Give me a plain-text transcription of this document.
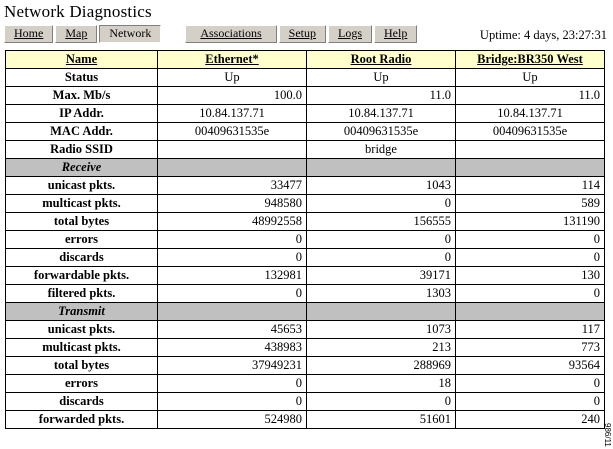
Network Diagnostics
Home	Map	Network	Associations	Setup	Logs	Help	Uptime: 4 days, 23:27:31
Name	Ethernet*	Root Radio	Bridge:BR350 West
Status	Up	Up	Up
Max. Mb/s	100.0	11.0	11.0
IP Addr.	10.84.137.71	10.84.137.71	10.84.137.71
MAC Addr.	00409631535e	00409631535e	00409631535e
Radio SSID		bridge	
Receive			
unicast pkts.	33477	1043	114
multicast pkts.	948580	0	589
total bytes	48992558	156555	131190
errors	0	0	0
discards	0	0	0
forwardable pkts.	132981	39171	130
filtered pkts.	0	1303	0
Transmit			
unicast pkts.	45653	1073	117
multicast pkts.	438983	213	773
total bytes	37949231	288969	93564
errors	0	18	0
discards	0	0	0
forwarded pkts.	524980	51601	240
986/11
